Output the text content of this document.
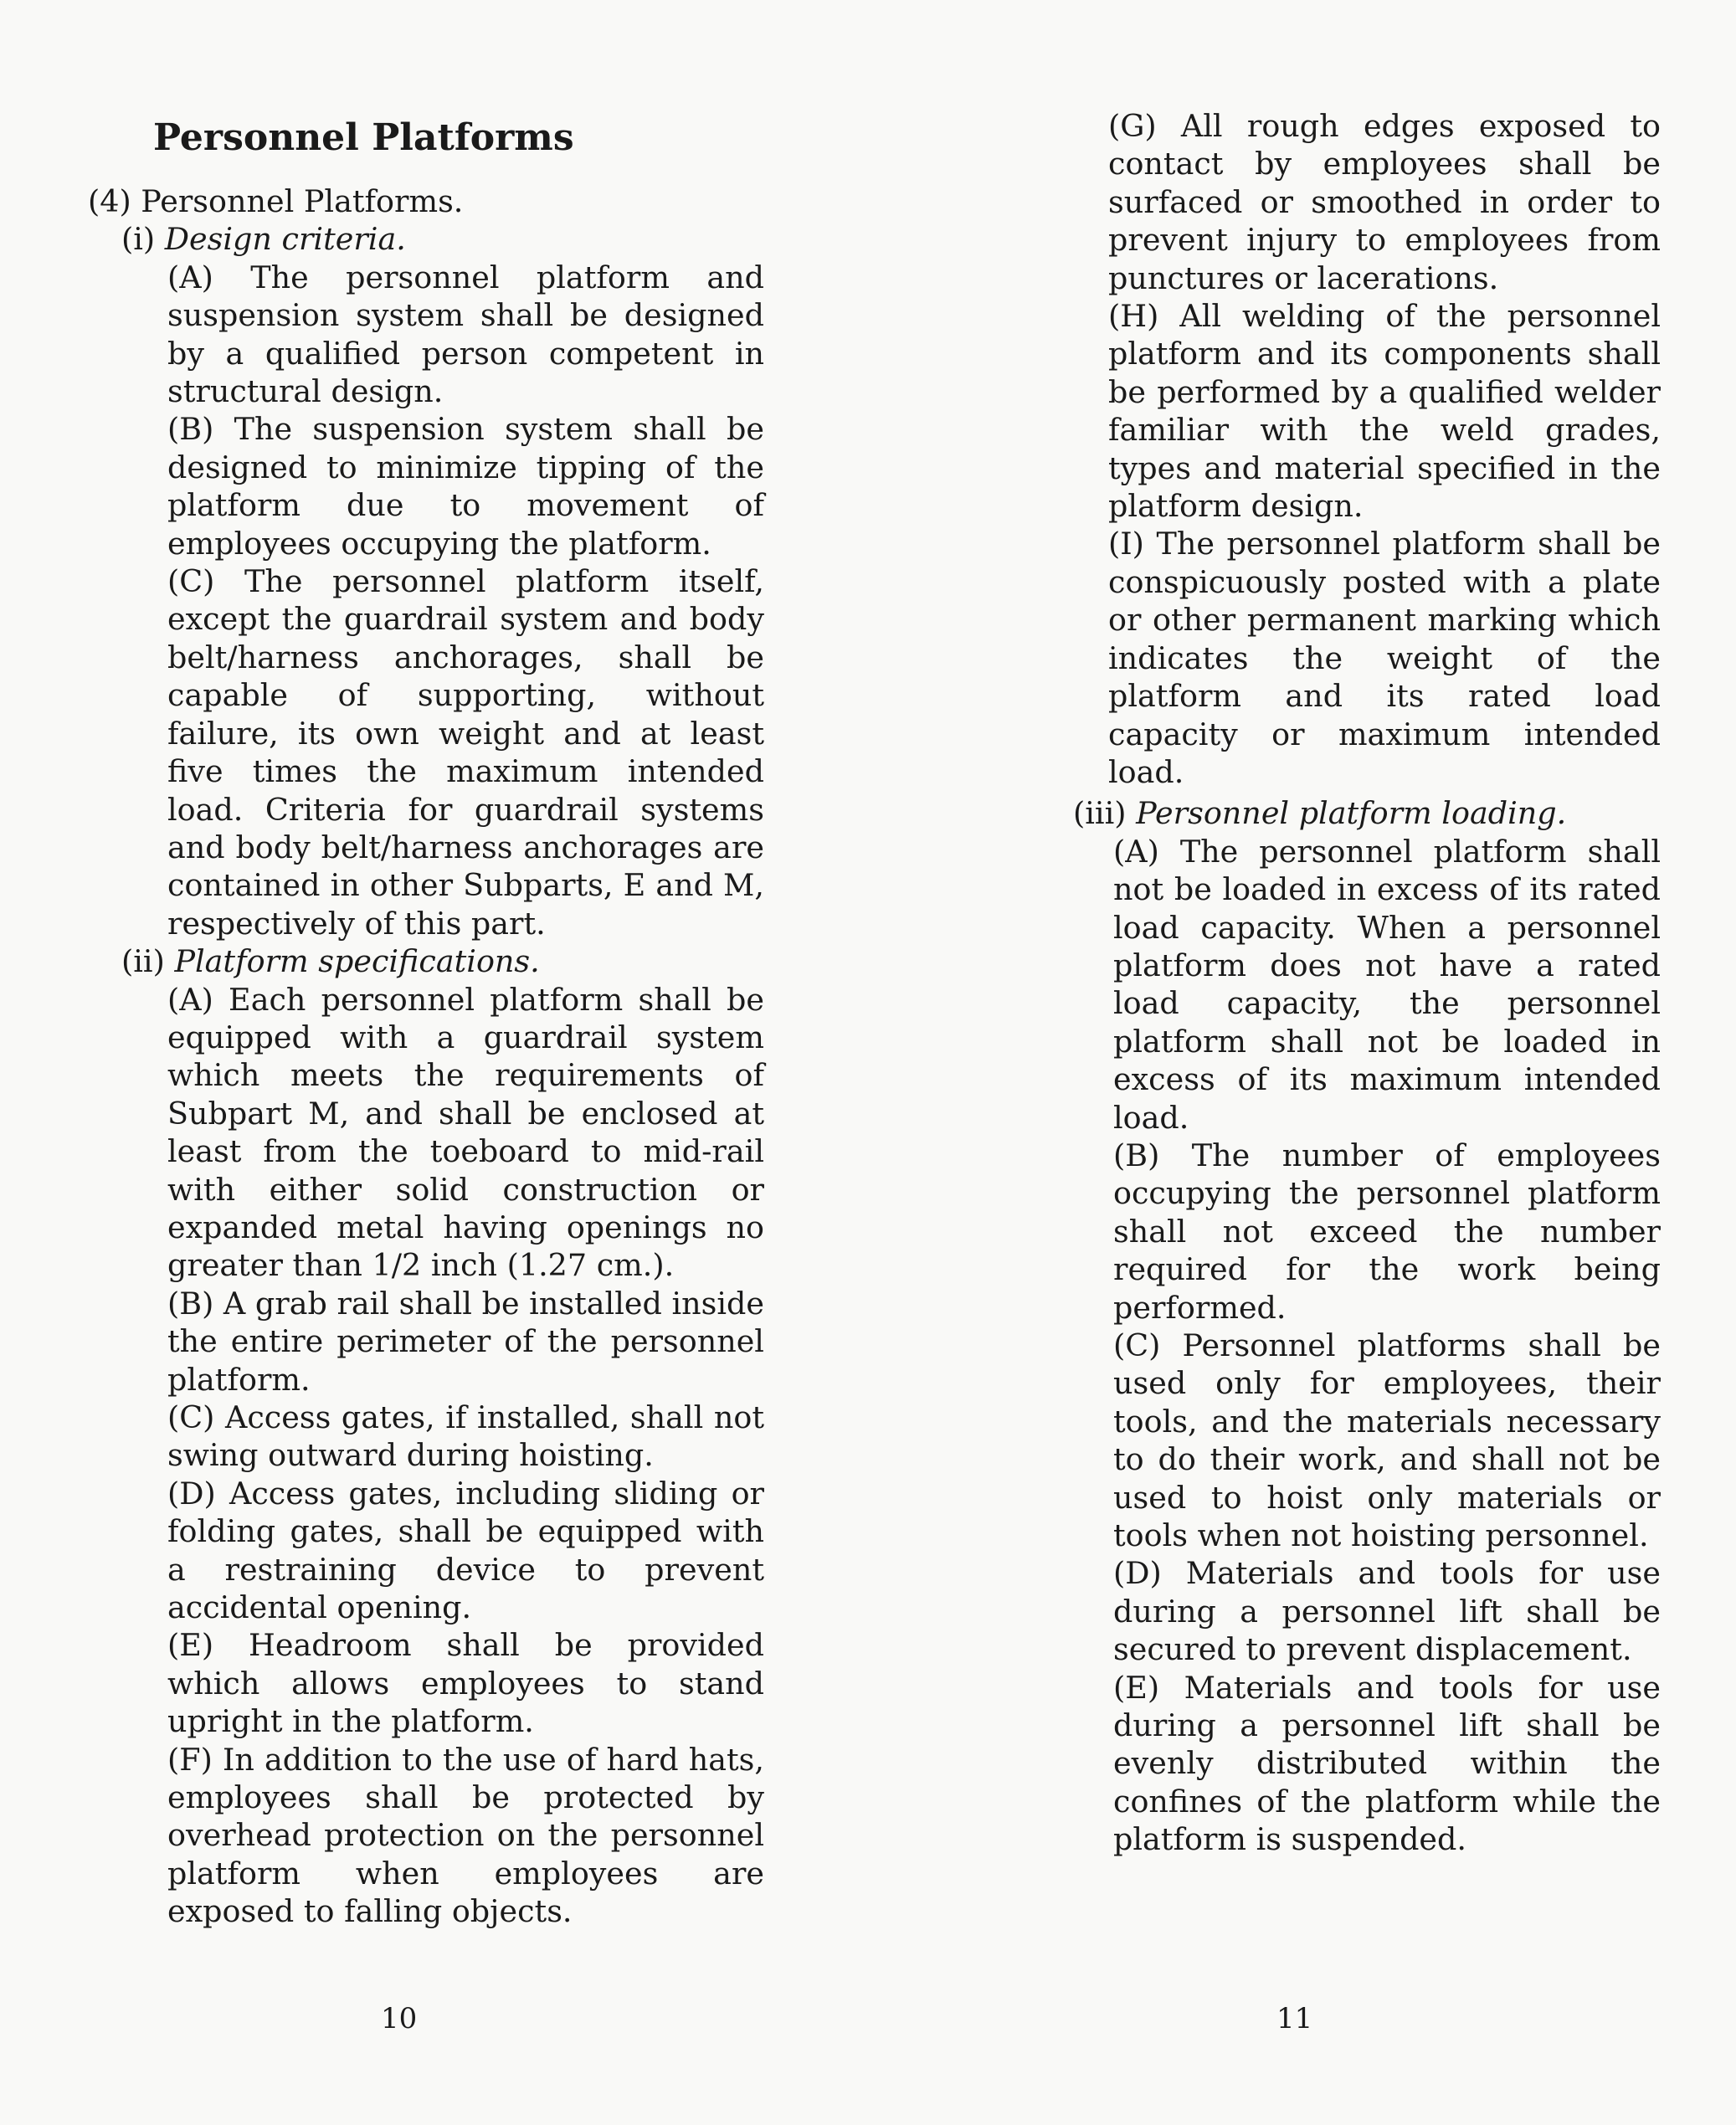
Personnel Platforms

(4) Personnel Platforms.

(i) Design criteria.

(A) The personnel platform and suspension system shall be designed by a qualified person competent in structural design.

(B) The suspension system shall be designed to minimize tipping of the platform due to movement of employees occupying the platform.

(C) The personnel platform itself, except the guardrail system and body belt/harness anchorages, shall be capable of supporting, without failure, its own weight and at least five times the maximum intended load. Criteria for guardrail systems and body belt/harness anchorages are contained in other Subparts, E and M, respectively of this part.

(ii) Platform specifications.

(A) Each personnel platform shall be equipped with a guardrail system which meets the requirements of Subpart M, and shall be enclosed at least from the toeboard to mid-rail with either solid construction or expanded metal having openings no greater than 1/2 inch (1.27 cm.).

(B) A grab rail shall be installed inside the entire perimeter of the personnel platform.

(C) Access gates, if installed, shall not swing outward during hoisting.

(D) Access gates, including sliding or folding gates, shall be equipped with a restraining device to prevent accidental opening.

(E) Headroom shall be provided which allows employees to stand upright in the platform.

(F) In addition to the use of hard hats, employees shall be protected by overhead protection on the personnel platform when employees are exposed to falling objects.

10

(G) All rough edges exposed to contact by employees shall be surfaced or smoothed in order to prevent injury to employees from punctures or lacerations.

(H) All welding of the personnel platform and its components shall be performed by a qualified welder familiar with the weld grades, types and material specified in the platform design.

(I) The personnel platform shall be conspicuously posted with a plate or other permanent marking which indicates the weight of the platform and its rated load capacity or maximum intended load.

(iii) Personnel platform loading.

(A) The personnel platform shall not be loaded in excess of its rated load capacity. When a personnel platform does not have a rated load capacity, the personnel platform shall not be loaded in excess of its maximum intended load.

(B) The number of employees occupying the personnel platform shall not exceed the number required for the work being performed.

(C) Personnel platforms shall be used only for employees, their tools, and the materials necessary to do their work, and shall not be used to hoist only materials or tools when not hoisting personnel.

(D) Materials and tools for use during a personnel lift shall be secured to prevent displacement.

(E) Materials and tools for use during a personnel lift shall be evenly distributed within the confines of the platform while the platform is suspended.

11
